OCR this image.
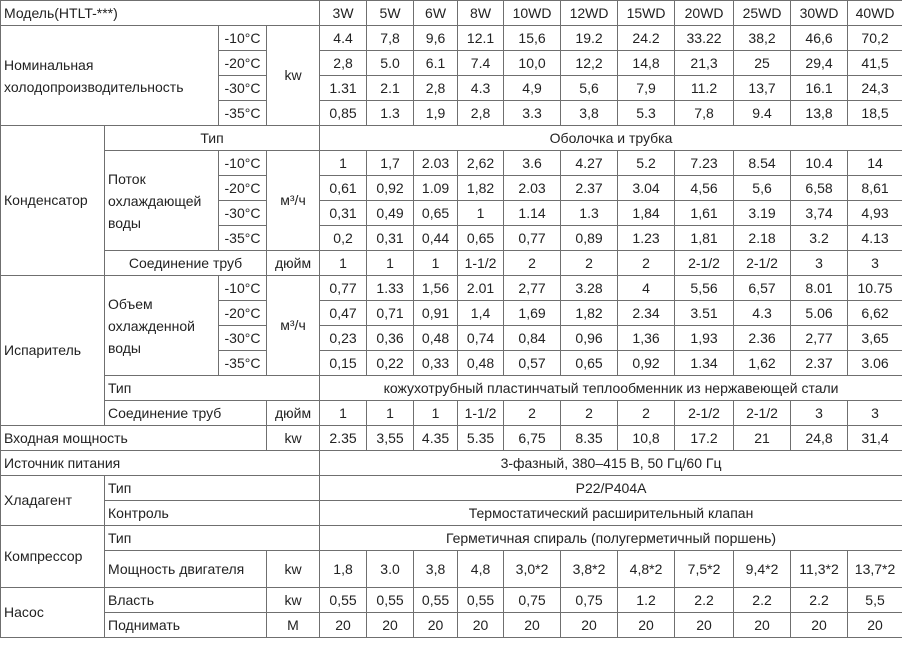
Модель(HTLT-***)				3W	5W	6W	8W	10WD	12WD	15WD	20WD	25WD	30WD	40WD
Номинальная холодопроизводительность		-10°C	kw	4.4	7,8	9,6	12.1	15,6	19.2	24.2	33.22	38,2	46,6	70,2
		-20°C		2,8	5.0	6.1	7.4	10,0	12,2	14,8	21,3	25	29,4	41,5
		-30°C		1.31	2.1	2,8	4.3	4,9	5,6	7,9	11.2	13,7	16.1	24,3
		-35°C		0,85	1.3	1,9	2,8	3.3	3,8	5.3	7,8	9.4	13,8	18,5
Конденсатор	Тип			Оболочка и трубка										
	Поток охлаждающей воды	-10°C	м³/ч	1	1,7	2.03	2,62	3.6	4.27	5.2	7.23	8.54	10.4	14
		-20°C		0,61	0,92	1.09	1,82	2.03	2.37	3.04	4,56	5,6	6,58	8,61
		-30°C		0,31	0,49	0,65	1	1.14	1.3	1,84	1,61	3.19	3,74	4,93
		-35°C		0,2	0,31	0,44	0,65	0,77	0,89	1.23	1,81	2.18	3.2	4.13
	Соединение труб		дюйм	1	1	1	1-1/2	2	2	2	2-1/2	2-1/2	3	3
Испаритель	Объем охлажденной воды	-10°C	м³/ч	0,77	1.33	1,56	2.01	2,77	3.28	4	5,56	6,57	8.01	10.75
		-20°C		0,47	0,71	0,91	1,4	1,69	1,82	2.34	3.51	4.3	5.06	6,62
		-30°C		0,23	0,36	0,48	0,74	0,84	0,96	1,36	1,93	2.36	2,77	3,65
		-35°C		0,15	0,22	0,33	0,48	0,57	0,65	0,92	1.34	1,62	2.37	3.06
	Тип			кожухотрубный пластинчатый теплообменник из нержавеющей стали										
	Соединение труб		дюйм	1	1	1	1-1/2	2	2	2	2-1/2	2-1/2	3	3
Входная мощность			kw	2.35	3,55	4.35	5.35	6,75	8.35	10,8	17.2	21	24,8	31,4
Источник питания				3-фазный, 380–415 В, 50 Гц/60 Гц										
Хладагент	Тип			Р22/Р404А										
	Контроль			Термостатический расширительный клапан										
Компрессор	Тип			Герметичная спираль (полугерметичный поршень)										
	Мощность двигателя		kw	1,8	3.0	3,8	4,8	3,0*2	3,8*2	4,8*2	7,5*2	9,4*2	11,3*2	13,7*2
Насос	Власть		kw	0,55	0,55	0,55	0,55	0,75	0,75	1.2	2.2	2.2	2.2	5,5
	Поднимать		M	20	20	20	20	20	20	20	20	20	20	20
